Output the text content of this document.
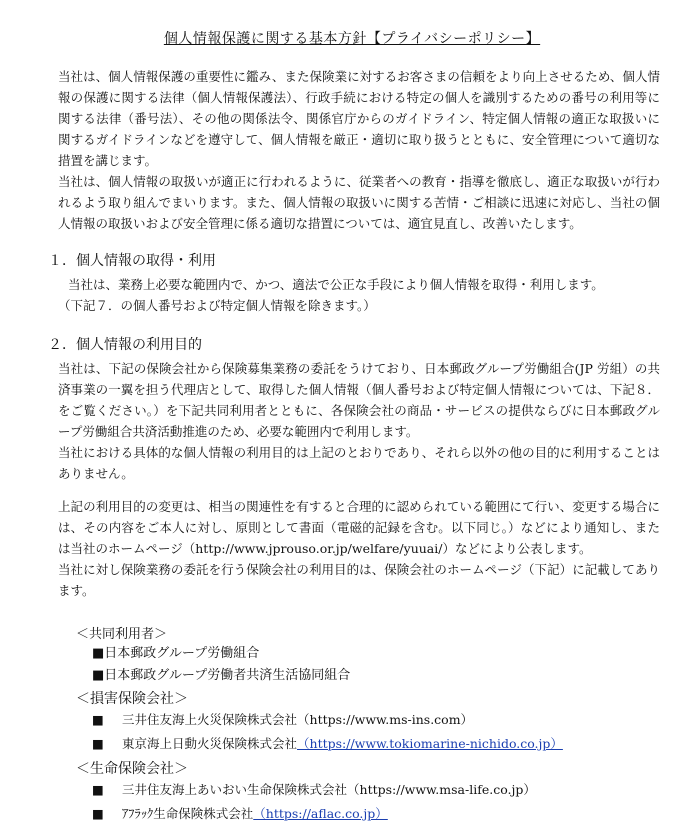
個人情報保護に関する基本方針【プライバシーポリシー】

当社は、個人情報保護の重要性に鑑み、また保険業に対するお客さまの信頼をより向上させるため、個人情報の保護に関する法律（個人情報保護法）、行政手続における特定の個人を識別するための番号の利用等に関する法律（番号法）、その他の関係法令、関係官庁からのガイドライン、特定個人情報の適正な取扱いに関するガイドラインなどを遵守して、個人情報を厳正・適切に取り扱うとともに、安全管理について適切な措置を講じます。

当社は、個人情報の取扱いが適正に行われるように、従業者への教育・指導を徹底し、適正な取扱いが行われるよう取り組んでまいります。また、個人情報の取扱いに関する苦情・ご相談に迅速に対応し、当社の個人情報の取扱いおよび安全管理に係る適切な措置については、適宜見直し、改善いたします。

１．個人情報の取得・利用

当社は、業務上必要な範囲内で、かつ、適法で公正な手段により個人情報を取得・利用します。

（下記７．の個人番号および特定個人情報を除きます。）

２．個人情報の利用目的

当社は、下記の保険会社から保険募集業務の委託をうけており、日本郵政グループ労働組合(JP 労組）の共済事業の一翼を担う代理店として、取得した個人情報（個人番号および特定個人情報については、下記８．をご覧ください。）を下記共同利用者とともに、各保険会社の商品・サービスの提供ならびに日本郵政グループ労働組合共済活動推進のため、必要な範囲内で利用します。

当社における具体的な個人情報の利用目的は上記のとおりであり、それら以外の他の目的に利用することはありません。

上記の利用目的の変更は、相当の関連性を有すると合理的に認められている範囲にて行い、変更する場合には、その内容をご本人に対し、原則として書面（電磁的記録を含む。以下同じ。）などにより通知し、または当社のホームページ（http://www.jprouso.or.jp/welfare/yuuai/）などにより公表します。

当社に対し保険業務の委託を行う保険会社の利用目的は、保険会社のホームページ（下記）に記載してあります。

＜共同利用者＞
■日本郵政グループ労働組合
■日本郵政グループ労働者共済生活協同組合
＜損害保険会社＞
■	三井住友海上火災保険株式会社 （https://www.ms-ins.com）
■	東京海上日動火災保険株式会社 （https://www.tokiomarine-nichido.co.jp）
＜生命保険会社＞
■	三井住友海上あいおい生命保険株式会社 （https://www.msa-life.co.jp）
■	ｱﾌﾗｯｸ生命保険株式会社 （https://aflac.co.jp）
